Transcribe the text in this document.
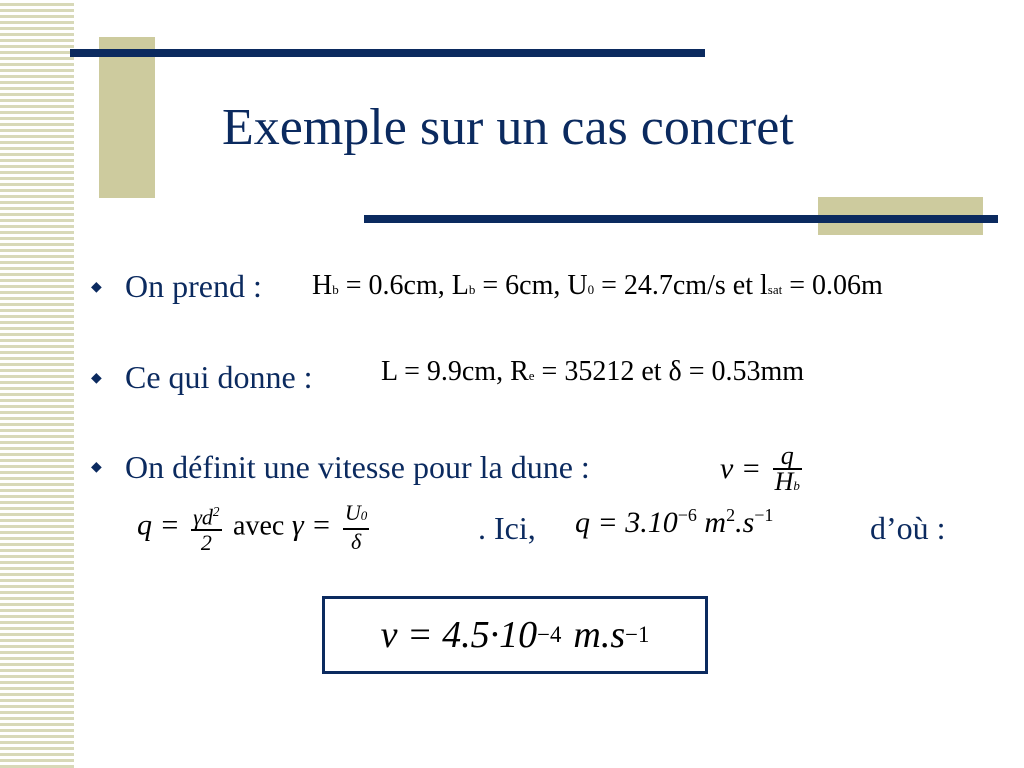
Exemple sur un cas concret
◆ On prend : Hb = 0.6cm, Lb = 6cm, U0 = 24.7cm/s et lsat = 0.06m
◆ Ce qui donne : L = 9.9cm, Re = 35212 et δ = 0.53mm
◆ On définit une vitesse pour la dune :	$v = \frac{q}{Hb}$
$q = \frac{\gamma d^2}{2}$ avec $\gamma = \frac{U0}{\delta}$	. Ici, $q = 3.10^{-6}$ $m^2.s^{-1}$	d’où :
v = 4.5·10 −4 m.s −1
